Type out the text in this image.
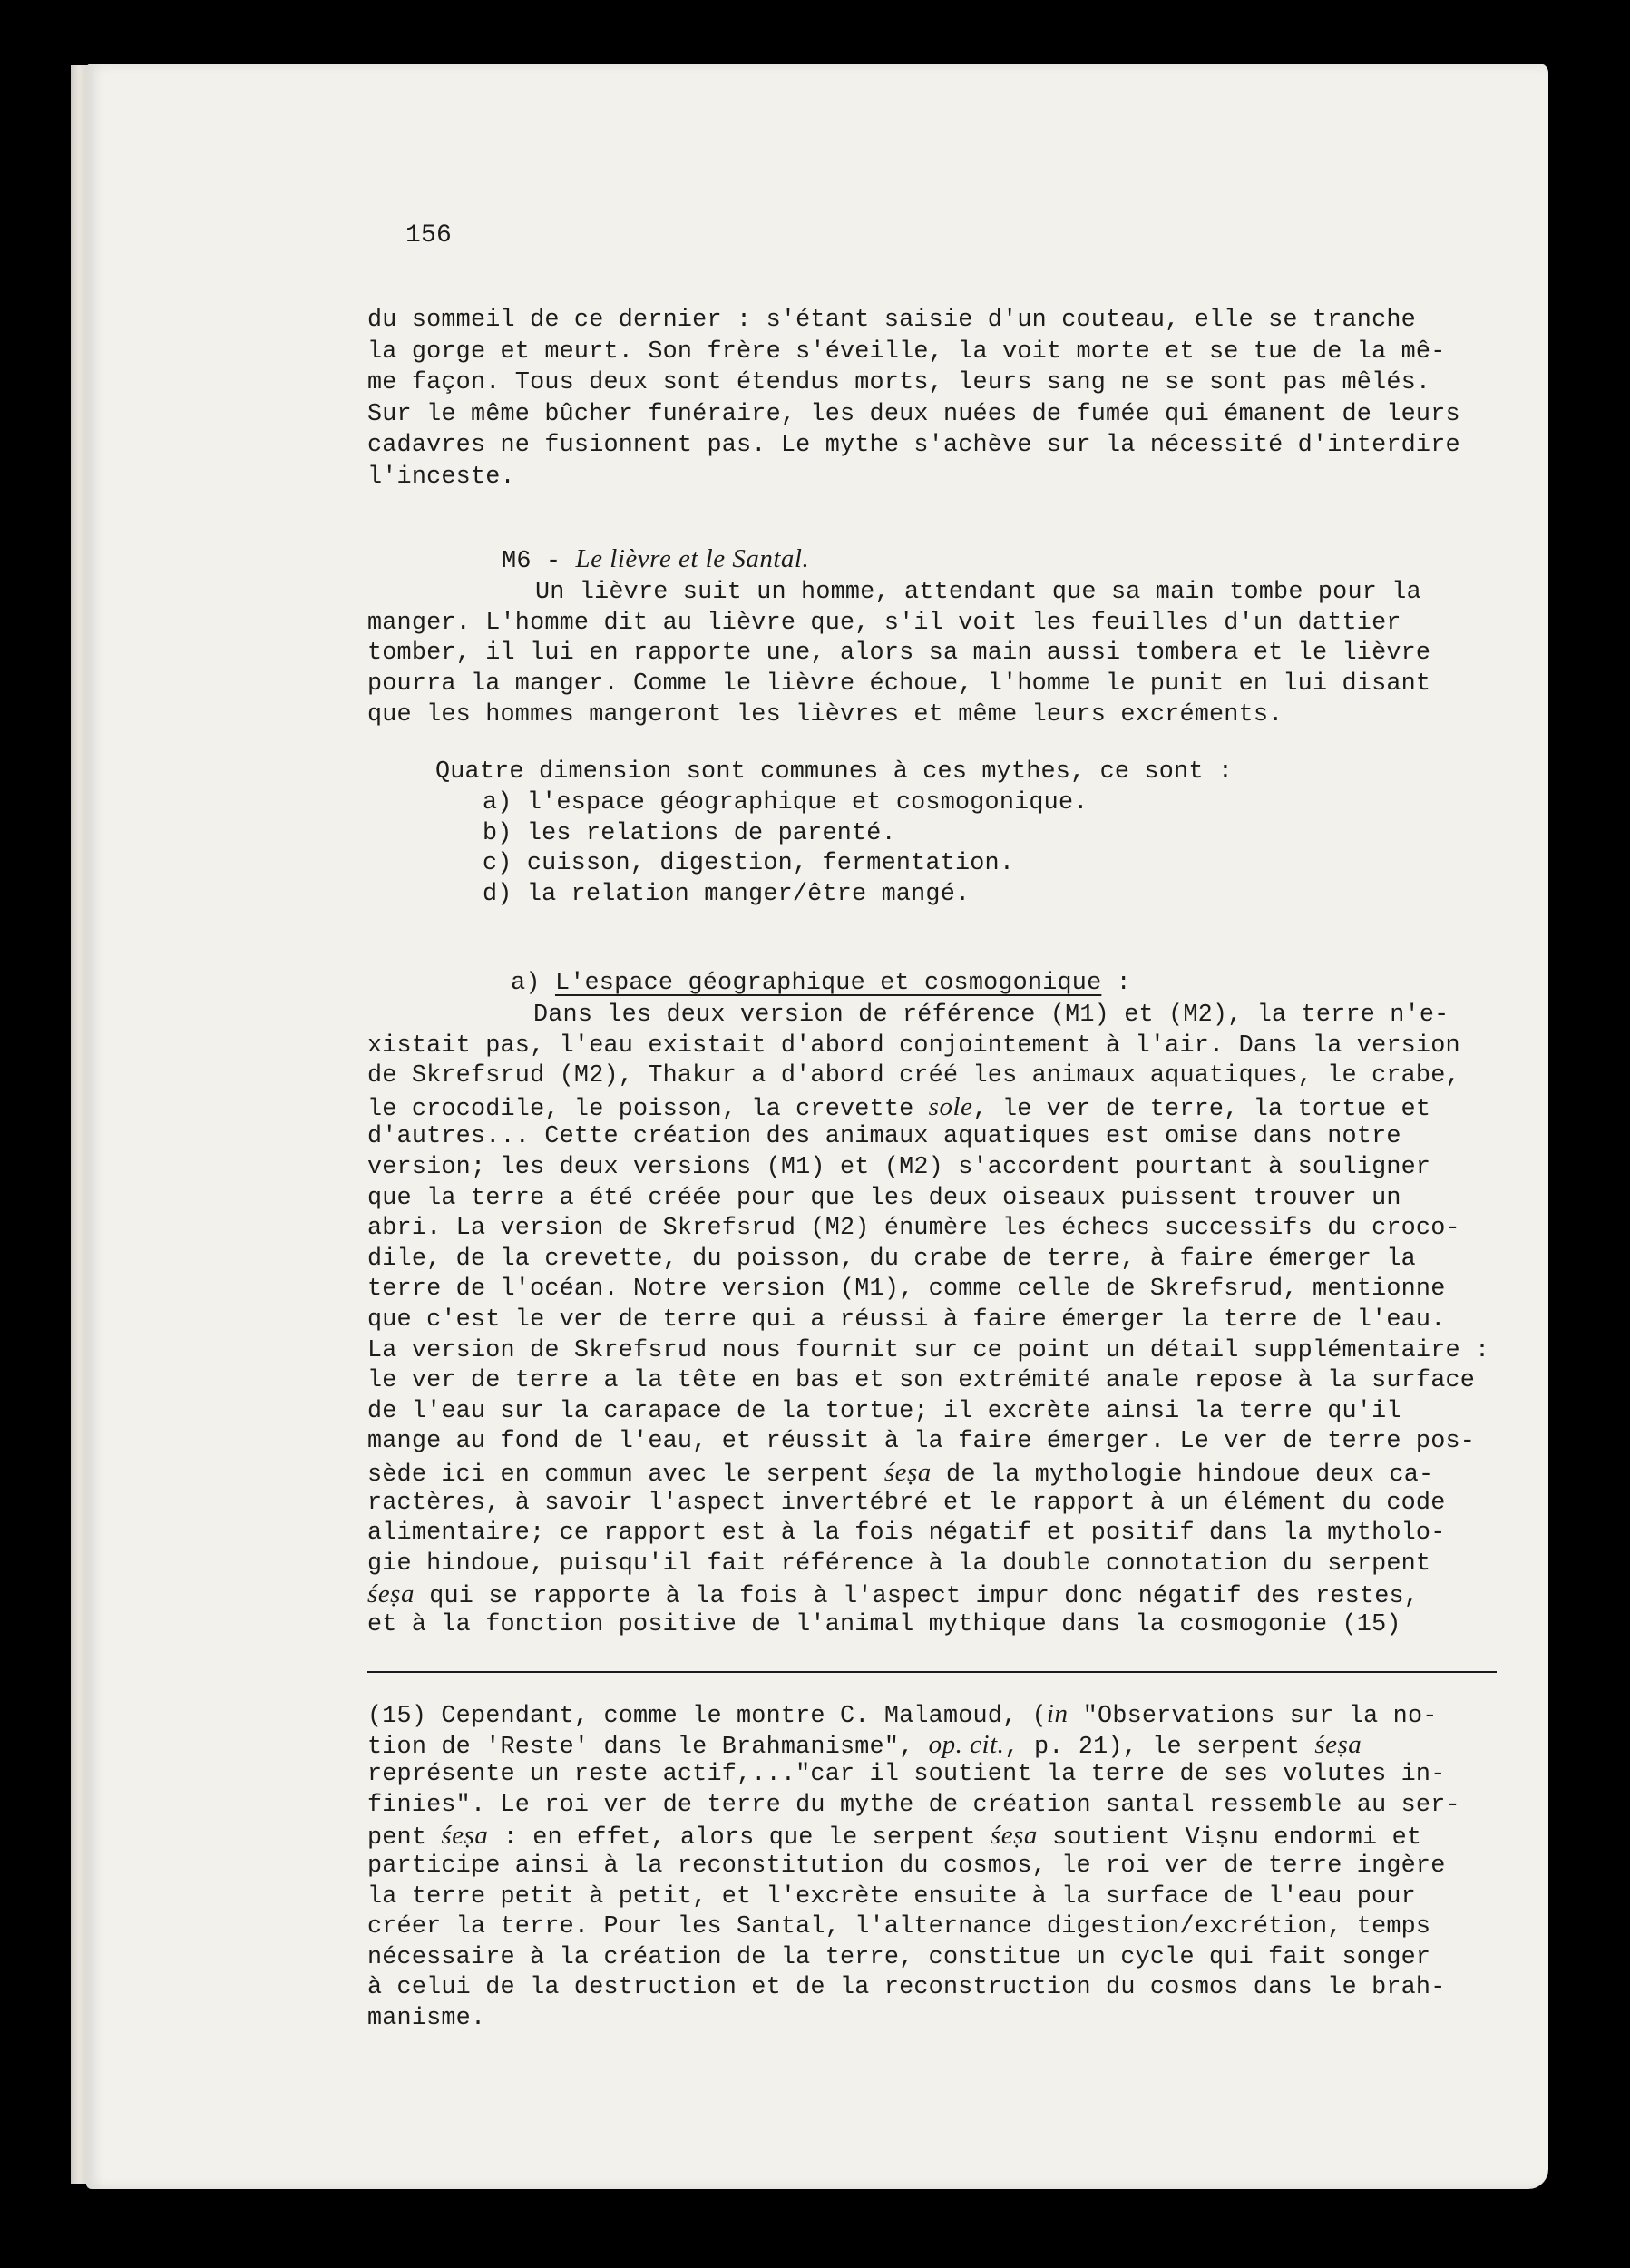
156
du sommeil de ce dernier : s'étant saisie d'un couteau, elle se tranche
la gorge et meurt. Son frère s'éveille, la voit morte et se tue de la mê-
me façon. Tous deux sont étendus morts, leurs sang ne se sont pas mêlés.
Sur le même bûcher funéraire, les deux nuées de fumée qui émanent de leurs
cadavres ne fusionnent pas. Le mythe s'achève sur la nécessité d'interdire
l'inceste.

M6 - Le lièvre et le Santal.

Un lièvre suit un homme, attendant que sa main tombe pour la
manger. L'homme dit au lièvre que, s'il voit les feuilles d'un dattier
tomber, il lui en rapporte une, alors sa main aussi tombera et le lièvre
pourra la manger. Comme le lièvre échoue, l'homme le punit en lui disant
que les hommes mangeront les lièvres et même leurs excréments.
Quatre dimension sont communes à ces mythes, ce sont :
a) l'espace géographique et cosmogonique.
b) les relations de parenté.
c) cuisson, digestion, fermentation.
d) la relation manger/être mangé.

a) L'espace géographique et cosmogonique :

Dans les deux version de référence (M1) et (M2), la terre n'e-
xistait pas, l'eau existait d'abord conjointement à l'air. Dans la version
de Skrefsrud (M2), Thakur a d'abord créé les animaux aquatiques, le crabe,
le crocodile, le poisson, la crevette sole, le ver de terre, la tortue et
d'autres... Cette création des animaux aquatiques est omise dans notre
version; les deux versions (M1) et (M2) s'accordent pourtant à souligner
que la terre a été créée pour que les deux oiseaux puissent trouver un
abri. La version de Skrefsrud (M2) énumère les échecs successifs du croco-
dile, de la crevette, du poisson, du crabe de terre, à faire émerger la
terre de l'océan. Notre version (M1), comme celle de Skrefsrud, mentionne
que c'est le ver de terre qui a réussi à faire émerger la terre de l'eau.
La version de Skrefsrud nous fournit sur ce point un détail supplémentaire :
le ver de terre a la tête en bas et son extrémité anale repose à la surface
de l'eau sur la carapace de la tortue; il excrète ainsi la terre qu'il
mange au fond de l'eau, et réussit à la faire émerger. Le ver de terre pos-
sède ici en commun avec le serpent śeṣa de la mythologie hindoue deux ca-
ractères, à savoir l'aspect invertébré et le rapport à un élément du code
alimentaire; ce rapport est à la fois négatif et positif dans la mytholo-
gie hindoue, puisqu'il fait référence à la double connotation du serpent
śeṣa qui se rapporte à la fois à l'aspect impur donc négatif des restes,
et à la fonction positive de l'animal mythique dans la cosmogonie (15)
(15) Cependant, comme le montre C. Malamoud, (in "Observations sur la no-
tion de 'Reste' dans le Brahmanisme", op. cit., p. 21), le serpent śeṣa
représente un reste actif,..."car il soutient la terre de ses volutes in-
finies". Le roi ver de terre du mythe de création santal ressemble au ser-
pent śeṣa : en effet, alors que le serpent śeṣa soutient Viṣnu endormi et
participe ainsi à la reconstitution du cosmos, le roi ver de terre ingère
la terre petit à petit, et l'excrète ensuite à la surface de l'eau pour
créer la terre. Pour les Santal, l'alternance digestion/excrétion, temps
nécessaire à la création de la terre, constitue un cycle qui fait songer
à celui de la destruction et de la reconstruction du cosmos dans le brah-
manisme.
